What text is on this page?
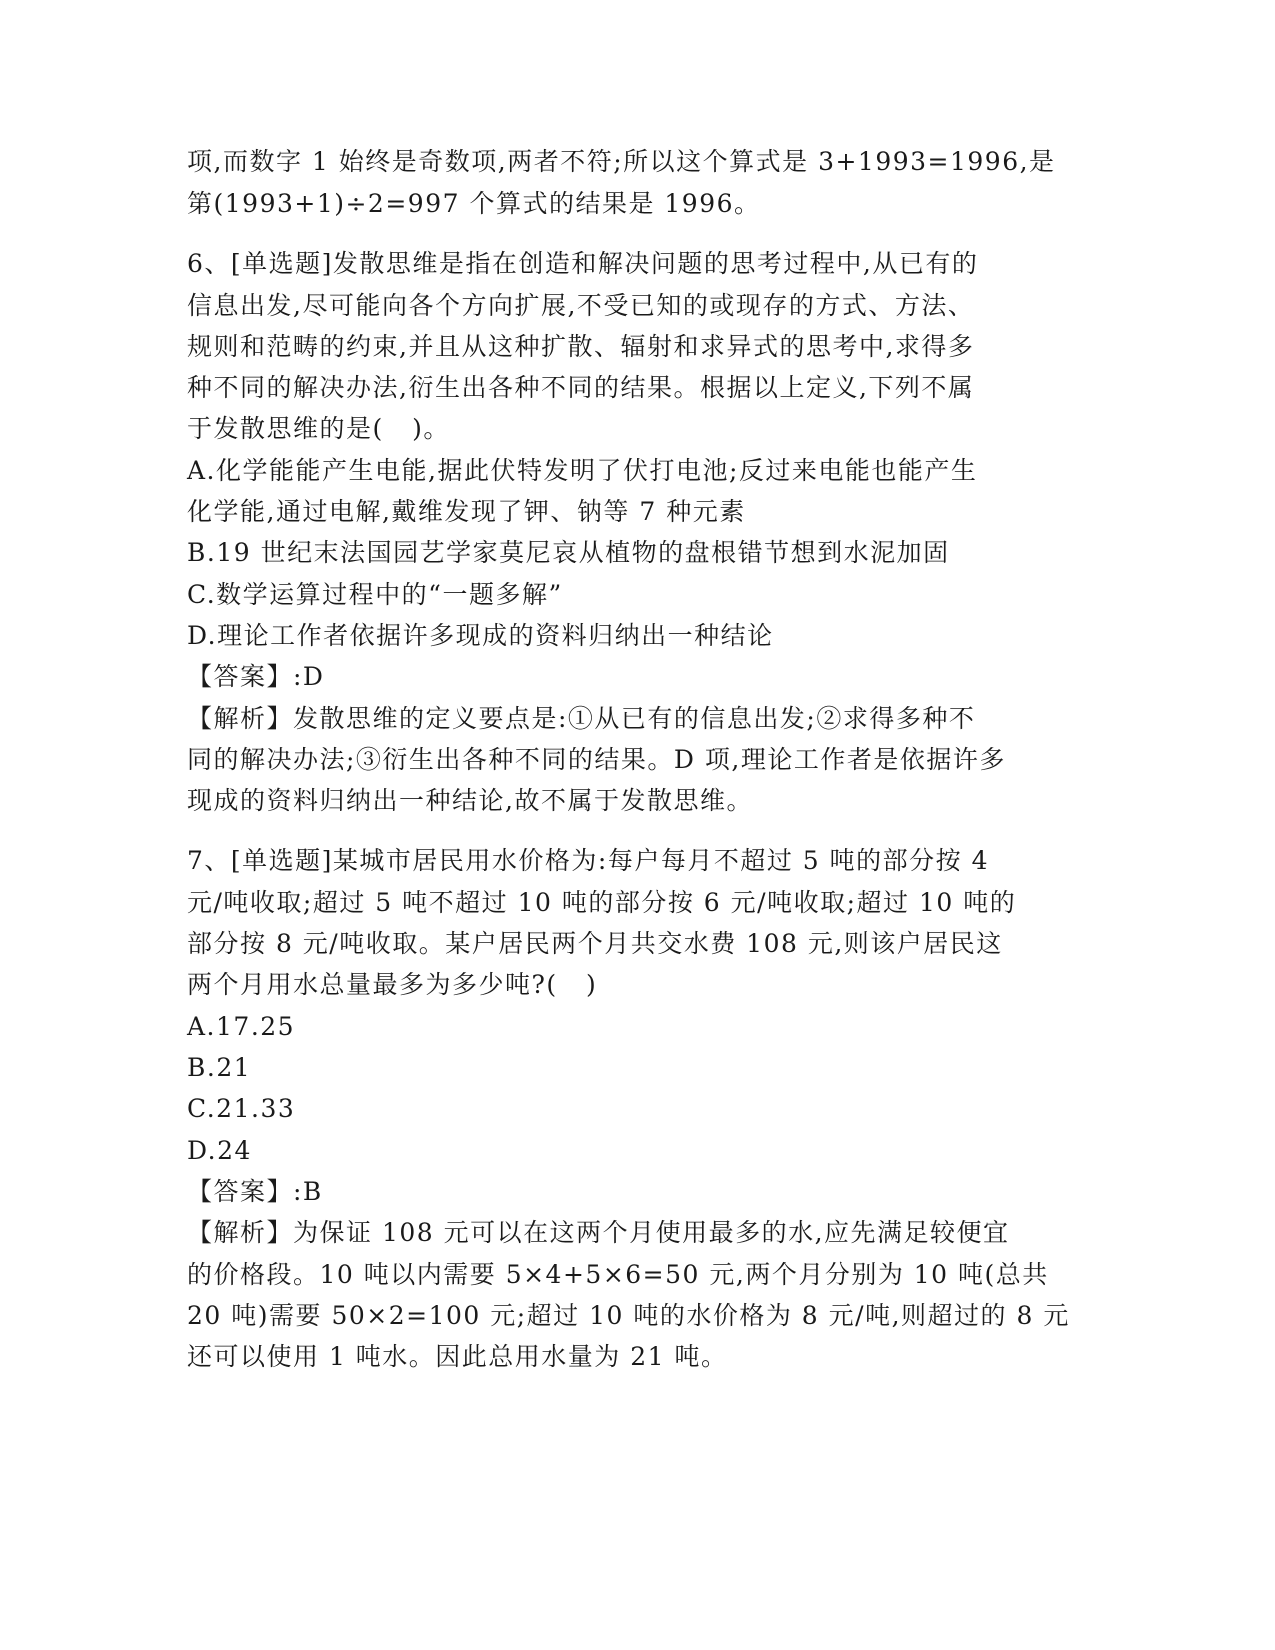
项,而数字 1 始终是奇数项,两者不符;所以这个算式是 3+1993=1996,是
第(1993+1)÷2=997 个算式的结果是 1996。
6、[单选题]发散思维是指在创造和解决问题的思考过程中,从已有的
信息出发,尽可能向各个方向扩展,不受已知的或现存的方式、方法、
规则和范畴的约束,并且从这种扩散、辐射和求异式的思考中,求得多
种不同的解决办法,衍生出各种不同的结果。根据以上定义,下列不属
于发散思维的是(   )。
A.化学能能产生电能,据此伏特发明了伏打电池;反过来电能也能产生
化学能,通过电解,戴维发现了钾、钠等 7 种元素
B.19 世纪末法国园艺学家莫尼哀从植物的盘根错节想到水泥加固
C.数学运算过程中的“一题多解”
D.理论工作者依据许多现成的资料归纳出一种结论
【答案】:D
【解析】发散思维的定义要点是:①从已有的信息出发;②求得多种不
同的解决办法;③衍生出各种不同的结果。D 项,理论工作者是依据许多
现成的资料归纳出一种结论,故不属于发散思维。
7、[单选题]某城市居民用水价格为:每户每月不超过 5 吨的部分按 4
元/吨收取;超过 5 吨不超过 10 吨的部分按 6 元/吨收取;超过 10 吨的
部分按 8 元/吨收取。某户居民两个月共交水费 108 元,则该户居民这
两个月用水总量最多为多少吨?(   )
A.17.25
B.21
C.21.33
D.24
【答案】:B
【解析】为保证 108 元可以在这两个月使用最多的水,应先满足较便宜
的价格段。10 吨以内需要 5×4+5×6=50 元,两个月分别为 10 吨(总共
20 吨)需要 50×2=100 元;超过 10 吨的水价格为 8 元/吨,则超过的 8 元
还可以使用 1 吨水。因此总用水量为 21 吨。
